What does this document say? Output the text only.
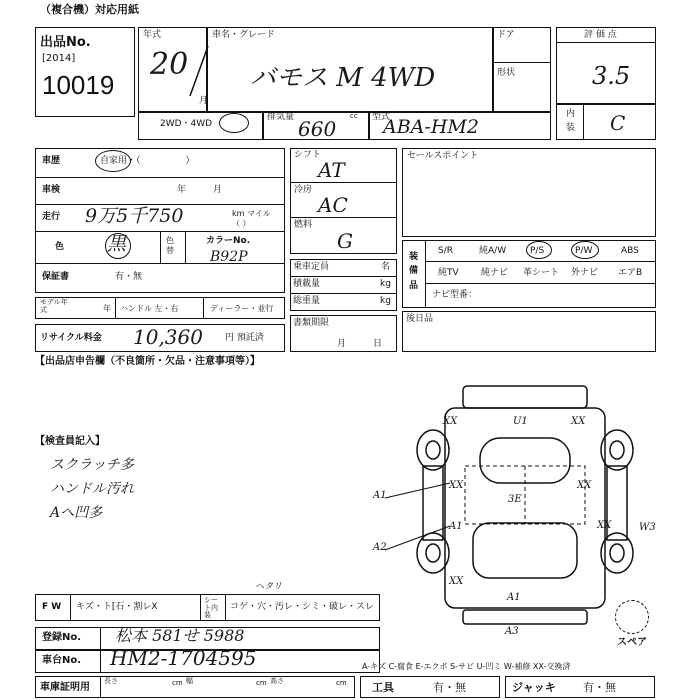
（複合機）対応用紙
出品No.
[2014]
10019
年式
20
月
車名・グレード
バモス M 4WD
ドア
形状
2WD・4WD
排気量 660
cc 型式
ABA-HM2
評 価 点
3.5
内装 C
車歴	自家用・（　　　　　）
車検	年　　　月
走行 9万5千750	km マイル（ ）
色 黒	色替
カラーNo.
B92P
保証書	有・無
モデル年式	年 ハンドル 左・右	ディーラー・並行
リサイクル料金 10,360 円 預託済
シフト
AT
冷房
AC
燃料
G
乗車定員	名
積載量	kg
総重量	kg
書類期限
月　　　日
セールスポイント
装備品
S/R	純A/W	P/S	P/W	ABS
純TV 純ナビ 革シート 外ナビ エアB
ナビ型番：
後日品
【出品店申告欄（不良箇所・欠品・注意事項等）】
【検査員記入】
スクラッチ多
ハンドル汚れ
Aへ凹多
XX	U1	XX
XX
A1
XX
3E
XX
A1
A2
XX
A1
A3
W3
スペア
F W キズ・ト[石・割レX
シート内装
コゲ・穴・汚レ・シミ・破レ・スレ
ヘタリ
登録No. 松本 581せ 5988
車台No. HM2-1704595	A-キズ C-腐食 E-エクボ S-サビ U-凹ミ W-補修 XX-交換済
車庫証明用
長さ	cm 幅	cm 高さ	cm 工具	有・無	ジャッキ 有・無
